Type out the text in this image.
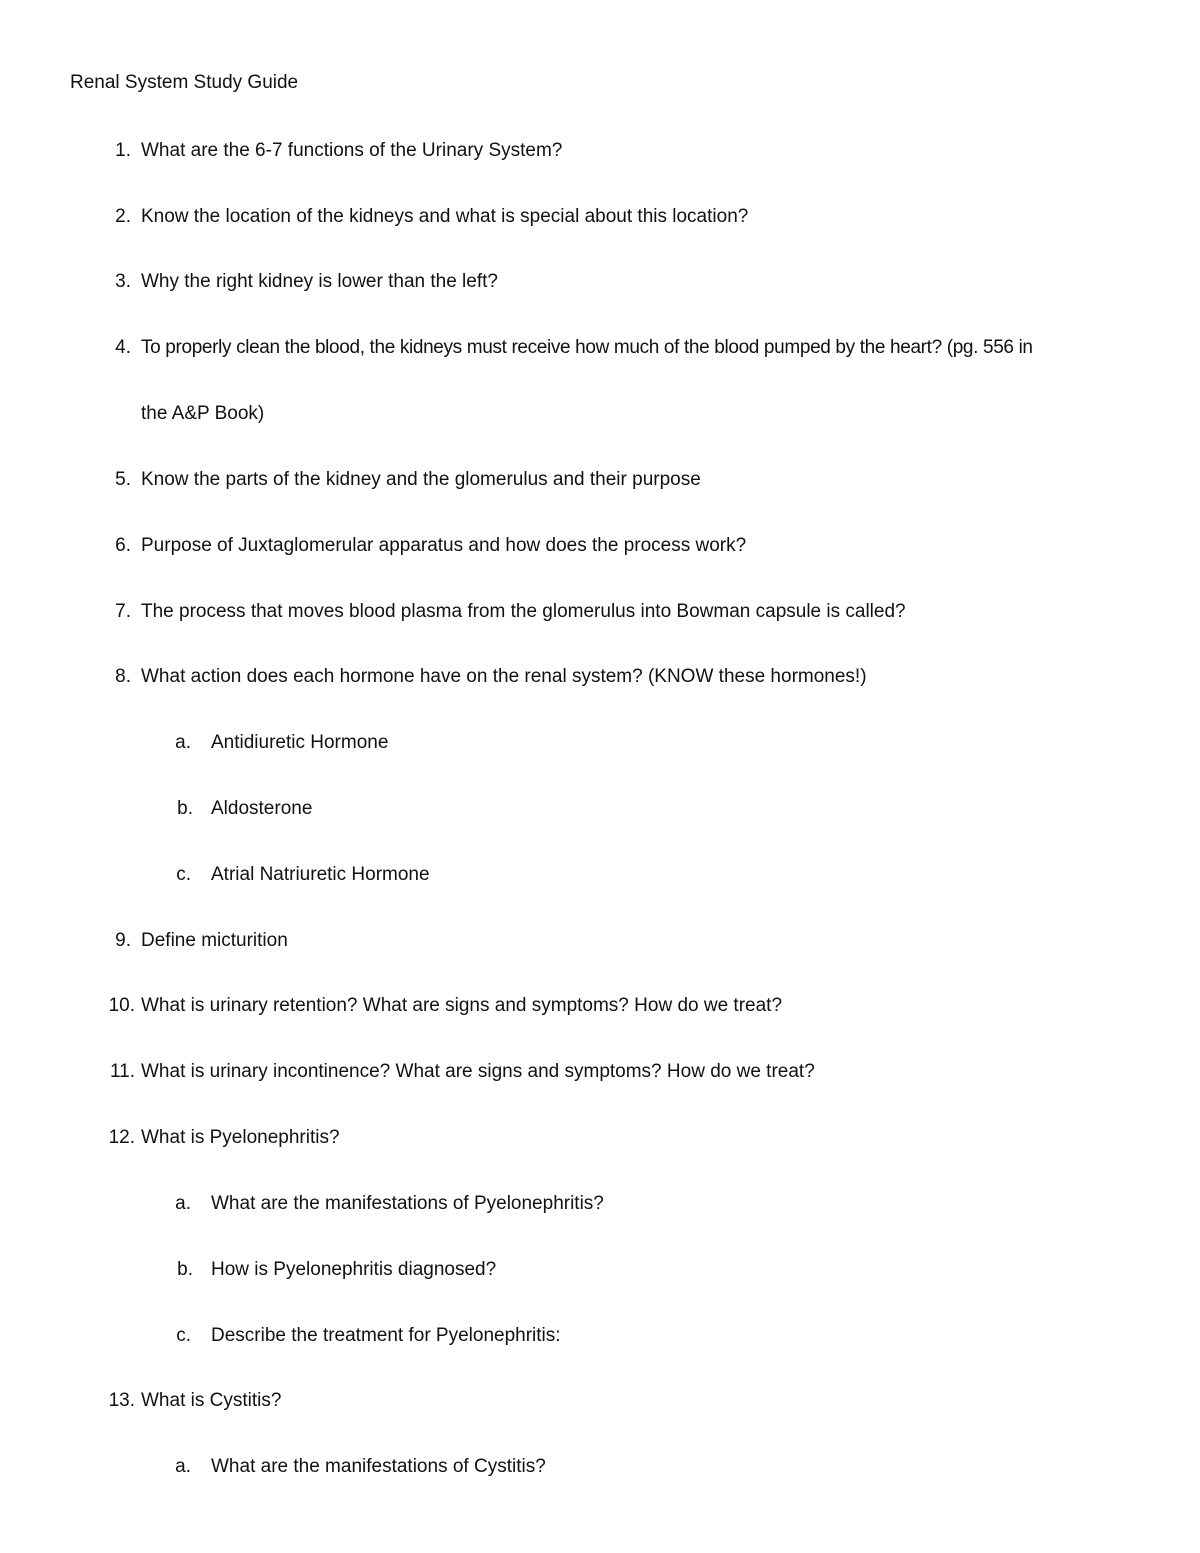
Renal System Study Guide
1. What are the 6-7 functions of the Urinary System?
2. Know the location of the kidneys and what is special about this location?
3. Why the right kidney is lower than the left?
4. To properly clean the blood, the kidneys must receive how much of the blood pumped by the heart? (pg. 556 in
the A&P Book)
5. Know the parts of the kidney and the glomerulus and their purpose
6. Purpose of Juxtaglomerular apparatus and how does the process work?
7. The process that moves blood plasma from the glomerulus into Bowman capsule is called?
8. What action does each hormone have on the renal system? (KNOW these hormones!)
a. Antidiuretic Hormone
b. Aldosterone
c. Atrial Natriuretic Hormone
9. Define micturition
10. What is urinary retention? What are signs and symptoms? How do we treat?
11. What is urinary incontinence? What are signs and symptoms? How do we treat?
12. What is Pyelonephritis?
a. What are the manifestations of Pyelonephritis?
b. How is Pyelonephritis diagnosed?
c. Describe the treatment for Pyelonephritis:
13. What is Cystitis?
a. What are the manifestations of Cystitis?
